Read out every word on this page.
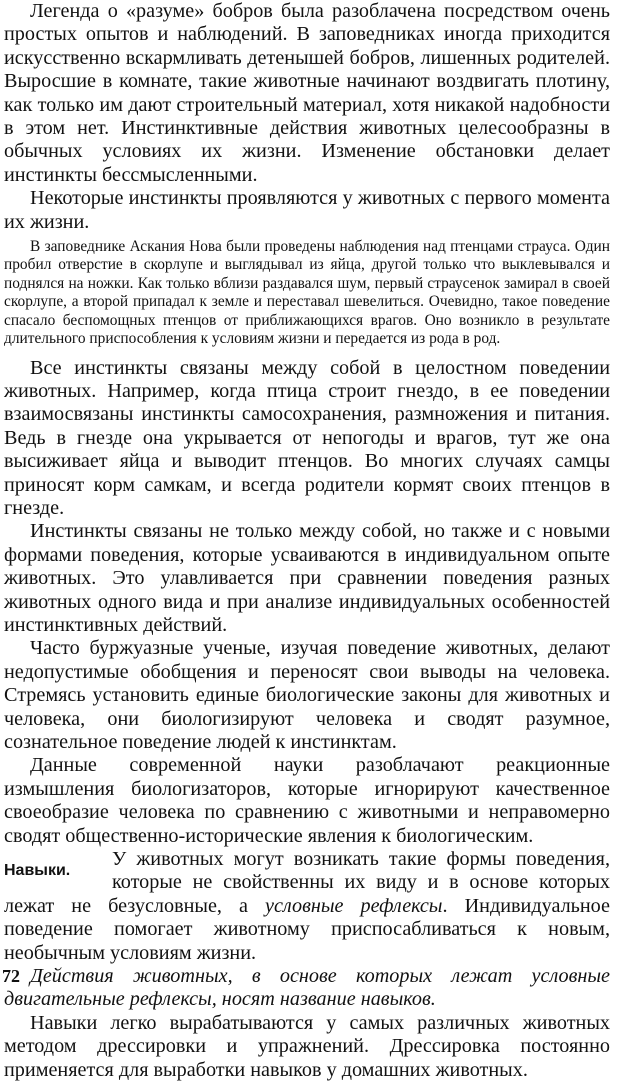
Легенда о «разуме» бобров была разоблачена посредством очень простых опытов и наблюдений. В заповедниках иногда приходится искусственно вскармливать детенышей бобров, лишенных родителей. Выросшие в комнате, такие животные начинают воздвигать плотину, как только им дают строительный материал, хотя никакой надобности в этом нет. Инстинктивные действия животных целесообразны в обычных условиях их жизни. Изменение обстановки делает инстинкты бессмысленными.

Некоторые инстинкты проявляются у животных с первого момента их жизни.

В заповеднике Аскания Нова были проведены наблюдения над птенцами страуса. Один пробил отверстие в скорлупе и выглядывал из яйца, другой только что выклевывался и поднялся на ножки. Как только вблизи раздавался шум, первый страусенок замирал в своей скорлупе, а второй припадал к земле и переставал шевелиться. Очевидно, такое поведение спасало беспомощных птенцов от приближающихся врагов. Оно возникло в результате длительного приспособления к условиям жизни и передается из рода в род.

Все инстинкты связаны между собой в целостном поведении животных. Например, когда птица строит гнездо, в ее поведении взаимосвязаны инстинкты самосохранения, размножения и питания. Ведь в гнезде она укрывается от непогоды и врагов, тут же она высиживает яйца и выводит птенцов. Во многих случаях самцы приносят корм самкам, и всегда родители кормят своих птенцов в гнезде.

Инстинкты связаны не только между собой, но также и с новыми формами поведения, которые усваиваются в индивидуальном опыте животных. Это улавливается при сравнении поведения разных животных одного вида и при анализе индивидуальных особенностей инстинктивных действий.

Часто буржуазные ученые, изучая поведение животных, делают недопустимые обобщения и переносят свои выводы на человека. Стремясь установить единые биологические законы для животных и человека, они биологизируют человека и сводят разумное, сознательное поведение людей к инстинктам.

Данные современной науки разоблачают реакционные измышления биологизаторов, которые игнорируют качественное своеобразие человека по сравнению с животными и неправомерно сводят общественно-исторические явления к биологическим.

Навыки.

У животных могут возникать такие формы поведения, которые не свойственны их виду и в основе которых лежат не безусловные, а условные рефлексы. Индивидуальное поведение помогает животному приспосабливаться к новым, необычным условиям жизни.

Действия животных, в основе которых лежат условные двигательные рефлексы, носят название навыков.

Навыки легко вырабатываются у самых различных животных методом дрессировки и упражнений. Дрессировка постоянно применяется для выработки навыков у домашних животных.

72
